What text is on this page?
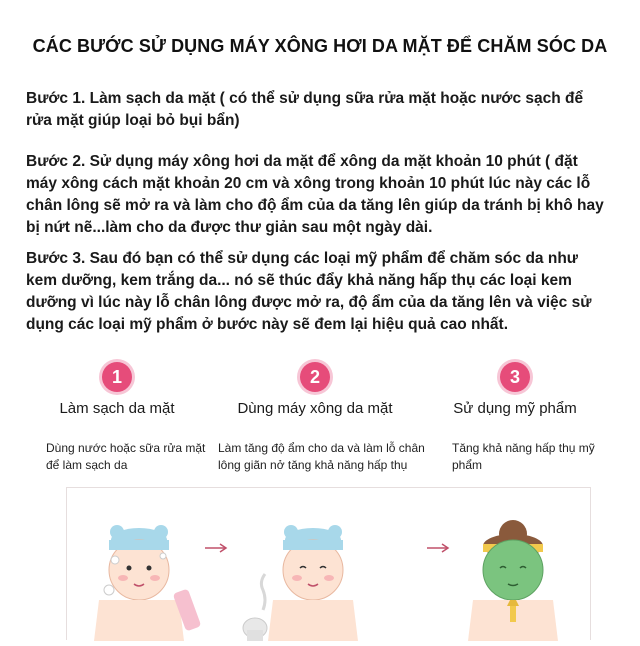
CÁC BƯỚC SỬ DỤNG MÁY XÔNG HƠI DA MẶT ĐỂ CHĂM SÓC DA
Bước 1. Làm sạch da mặt ( có thể sử dụng sữa rửa mặt hoặc nước sạch để rửa mặt giúp loại bỏ bụi bẩn)
Bước 2. Sử dụng máy xông hơi da mặt để xông da mặt khoản 10 phút ( đặt máy xông cách mặt khoản 20 cm và xông trong khoản 10 phút lúc này các lỗ chân lông sẽ mở ra và làm cho độ ẩm của da tăng lên giúp da tránh bị khô hay bị nứt nẽ...làm cho da được thư giản sau một ngày dài.
Bước 3. Sau đó bạn có thể sử dụng các loại mỹ phẩm để chăm sóc da như kem dưỡng, kem trắng da... nó sẽ thúc đẩy khả năng hấp thụ các loại kem dưỡng vì lúc này lỗ chân lông được mở ra, độ ẩm của da tăng lên và việc sử dụng các loại mỹ phẩm ở bước này sẽ đem lại hiệu quả cao nhất.
1
Làm sạch da mặt
2
Dùng máy xông da mặt
3
Sử dụng mỹ phẩm
Dùng nước hoặc sữa rửa mặt để làm sạch da
Làm tăng độ ẩm cho da và làm lỗ chân lông giãn nở tăng khả năng hấp thụ
Tăng khả năng hấp thụ mỹ phẩm
